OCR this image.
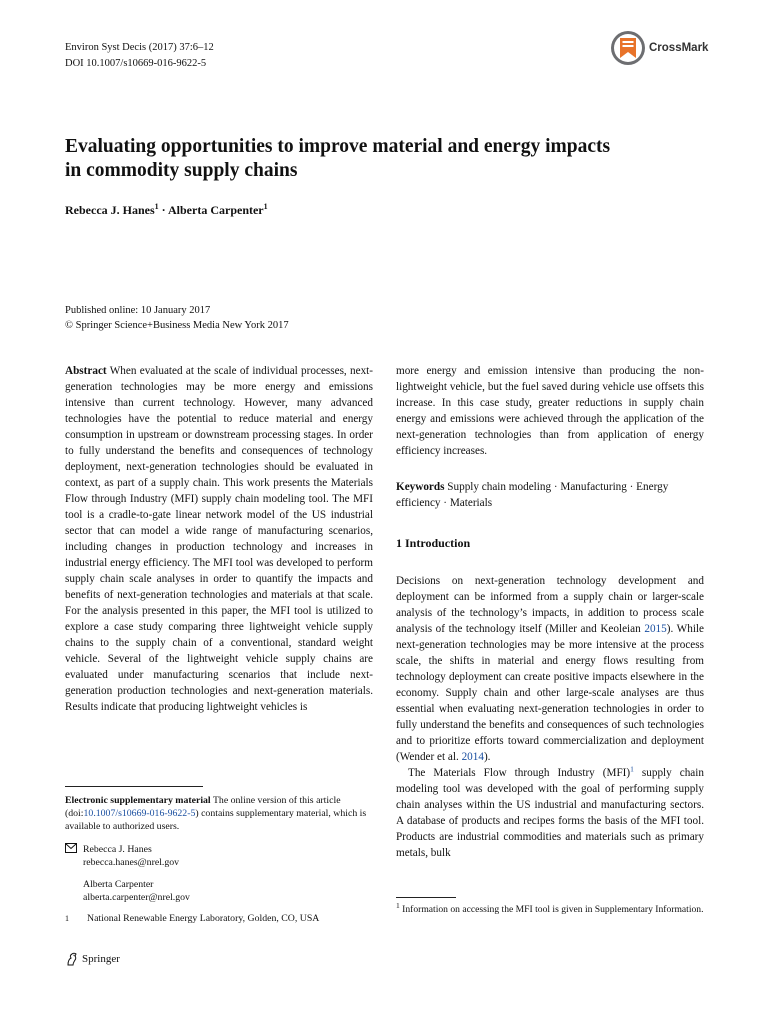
Environ Syst Decis (2017) 37:6–12
DOI 10.1007/s10669-016-9622-5
CrossMark
Evaluating opportunities to improve material and energy impacts
in commodity supply chains
Rebecca J. Hanes$^1$ · Alberta Carpenter$^1$
Published online: 10 January 2017
© Springer Science+Business Media New York 2017

Abstract When evaluated at the scale of individual processes, next-generation technologies may be more energy and emissions intensive than current technology. However, many advanced technologies have the potential to reduce material and energy consumption in upstream or downstream processing stages. In order to fully understand the benefits and consequences of technology deployment, next-generation technologies should be evaluated in context, as part of a supply chain. This work presents the Materials Flow through Industry (MFI) supply chain modeling tool. The MFI tool is a cradle-to-gate linear network model of the US industrial sector that can model a wide range of manufacturing scenarios, including changes in production technology and increases in industrial energy efficiency. The MFI tool was developed to perform supply chain scale analyses in order to quantify the impacts and benefits of next-generation technologies and materials at that scale. For the analysis presented in this paper, the MFI tool is utilized to explore a case study comparing three lightweight vehicle supply chains to the supply chain of a conventional, standard weight vehicle. Several of the lightweight vehicle supply chains are evaluated under manufacturing scenarios that include next-generation production technologies and next-generation materials. Results indicate that producing lightweight vehicles is

Electronic supplementary material The online version of this article (doi:10.1007/s10669-016-9622-5) contains supplementary material, which is available to authorized users.
Rebecca J. Hanes
rebecca.hanes@nrel.gov
Alberta Carpenter
alberta.carpenter@nrel.gov
1	National Renewable Energy Laboratory, Golden, CO, USA
Springer

more energy and emission intensive than producing the non-lightweight vehicle, but the fuel saved during vehicle use offsets this increase. In this case study, greater reductions in supply chain energy and emissions were achieved through the application of the next-generation technologies than from application of energy efficiency increases.

Keywords Supply chain modeling · Manufacturing · Energy efficiency · Materials

1 Introduction

Decisions on next-generation technology development and deployment can be informed from a supply chain or larger-scale analysis of the technology’s impacts, in addition to process scale analysis of the technology itself (Miller and Keoleian 2015). While next-generation technologies may be more intensive at the process scale, the shifts in material and energy flows resulting from technology deployment can create positive impacts elsewhere in the economy. Supply chain and other large-scale analyses are thus essential when evaluating next-generation technologies in order to fully understand the benefits and consequences of such technologies and to prioritize efforts toward commercialization and deployment (Wender et al. 2014).

The Materials Flow through Industry (MFI)$^1$ supply chain modeling tool was developed with the goal of performing supply chain analyses within the US industrial and manufacturing sectors. A database of products and recipes forms the basis of the MFI tool. Products are industrial commodities and materials such as primary metals, bulk

$^1$ Information on accessing the MFI tool is given in Supplementary Information.
